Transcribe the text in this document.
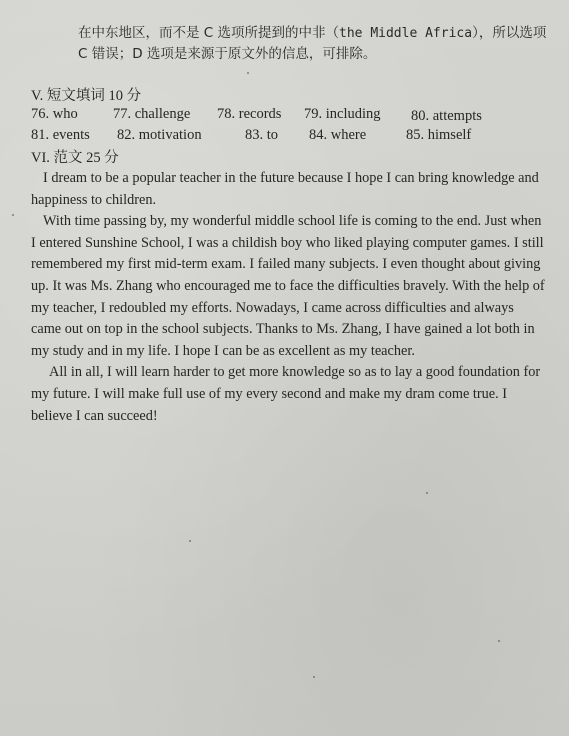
在中东地区，而不是 C 选项所提到的中非（the Middle Africa），所以选项
C 错误；D 选项是来源于原文外的信息，可排除。
V. 短文填词 10 分
76. who 77. challenge 78. records 79. including 80. attempts
81. events 82. motivation	83. to 84. where	85. himself
VI. 范文 25 分

I dream to be a popular teacher in the future because I hope I can bring knowledge and happiness to children.

With time passing by, my wonderful middle school life is coming to the end. Just when I entered Sunshine School, I was a childish boy who liked playing computer games. I still remembered my first mid-term exam. I failed many subjects. I even thought about giving up. It was Ms. Zhang who encouraged me to face the difficulties bravely. With the help of my teacher, I redoubled my efforts. Nowadays, I came across difficulties and always came out on top in the school subjects. Thanks to Ms. Zhang, I have gained a lot both in my study and in my life. I hope I can be as excellent as my teacher.

All in all, I will learn harder to get more knowledge so as to lay a good foundation for my future. I will make full use of my every second and make my dram come true. I believe I can succeed!
